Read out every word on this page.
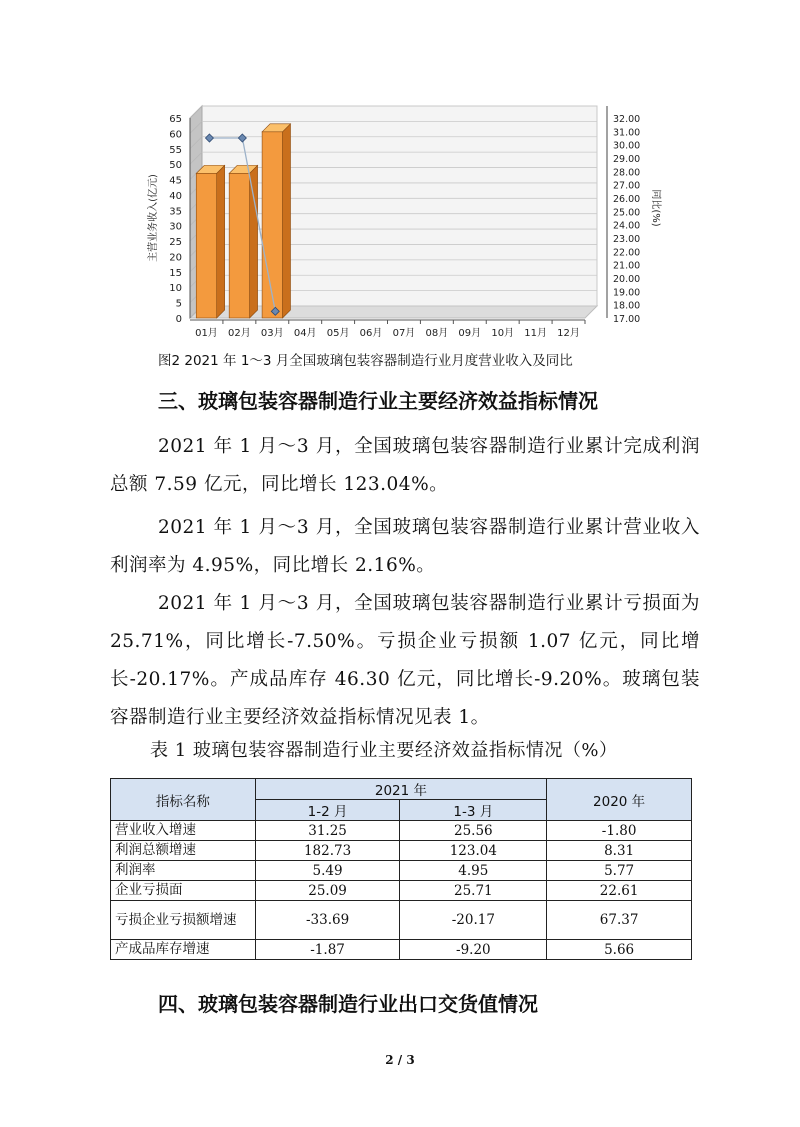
0
5
10
15
20
25
30
35
40
45
50
55
60
65
17.00
18.00
19.00
20.00
21.00
22.00
23.00
24.00
25.00
26.00
27.00
28.00
29.00
30.00
31.00
32.00
01月 02月 03月 04月 05月 06月 07月 08月 09月 10月 11月 12月
主营业务收入(亿元)	同比(%)
图2 2021 年 1～3 月全国玻璃包装容器制造行业月度营业收入及同比
三、玻璃包装容器制造行业主要经济效益指标情况
2021 年 1 月～3 月，全国玻璃包装容器制造行业累计完成利润总额 7.59 亿元，同比增长 123.04%。
2021 年 1 月～3 月，全国玻璃包装容器制造行业累计营业收入利润率为 4.95%，同比增长 2.16%。
2021 年 1 月～3 月，全国玻璃包装容器制造行业累计亏损面为 25.71%，同比增长-7.50%。亏损企业亏损额 1.07 亿元，同比增长-20.17%。产成品库存 46.30 亿元，同比增长-9.20%。玻璃包装容器制造行业主要经济效益指标情况见表 1。
表 1 玻璃包装容器制造行业主要经济效益指标情况（%）
指标名称	2021 年		2020 年
	1-2 月	1-3 月	
营业收入增速	31.25	25.56	-1.80
利润总额增速	182.73	123.04	8.31
利润率	5.49	4.95	5.77
企业亏损面	25.09	25.71	22.61
亏损企业亏损额增速	-33.69	-20.17	67.37
产成品库存增速	-1.87	-9.20	5.66
四、玻璃包装容器制造行业出口交货值情况
2 / 3
